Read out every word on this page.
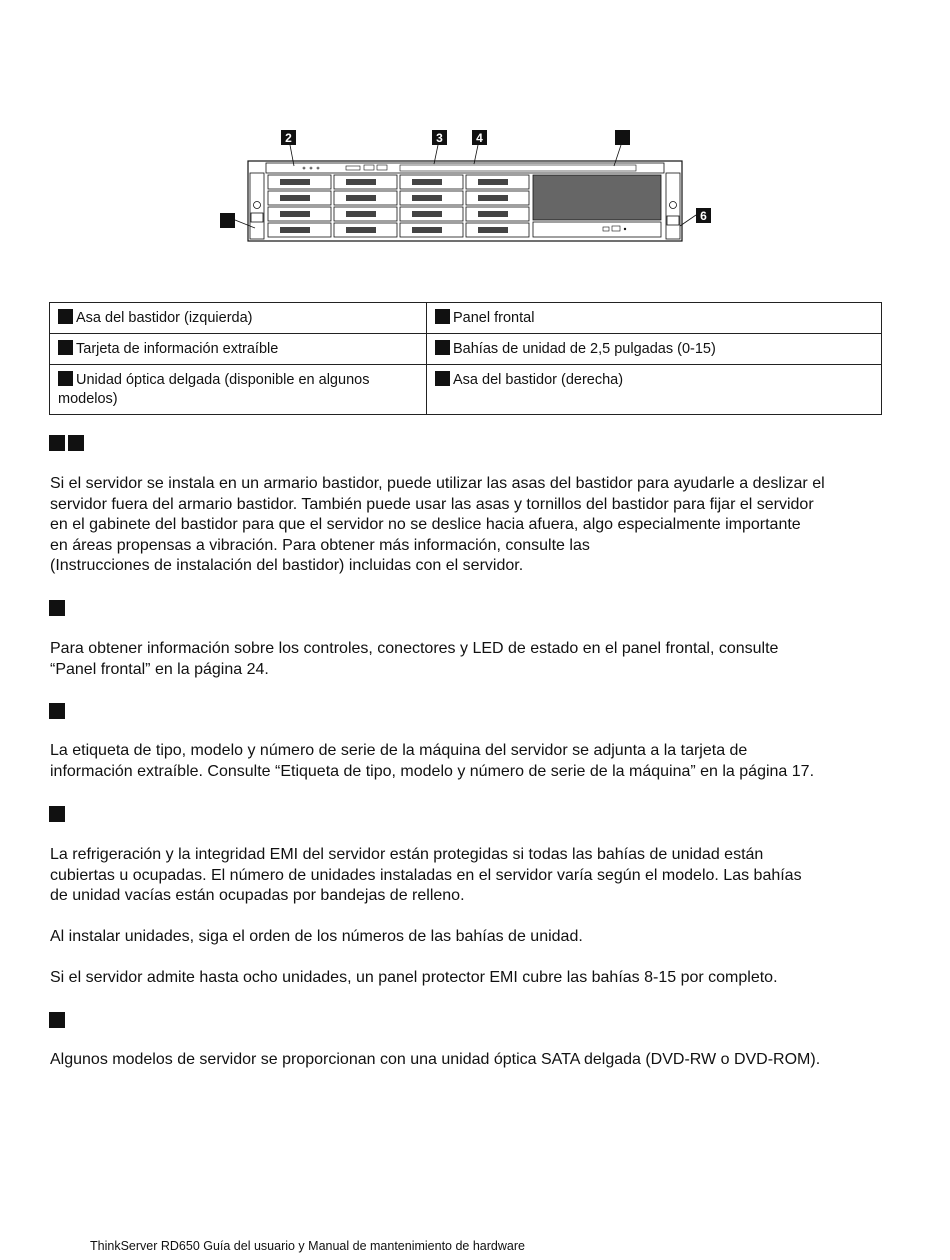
2	3	4
6
Asa del bastidor (izquierda)	Panel frontal
Tarjeta de información extraíble	Bahías de unidad de 2,5 pulgadas (0-15)
Unidad óptica delgada (disponible en algunos
modelos)	Asa del bastidor (derecha)
Si el servidor se instala en un armario bastidor, puede utilizar las asas del bastidor para ayudarle a deslizar el
servidor fuera del armario bastidor. También puede usar las asas y tornillos del bastidor para fijar el servidor
en el gabinete del bastidor para que el servidor no se deslice hacia afuera, algo especialmente importante
en áreas propensas a vibración. Para obtener más información, consulte las
(Instrucciones de instalación del bastidor) incluidas con el servidor.
Para obtener información sobre los controles, conectores y LED de estado en el panel frontal, consulte
“Panel frontal” en la página 24.
La etiqueta de tipo, modelo y número de serie de la máquina del servidor se adjunta a la tarjeta de
información extraíble. Consulte “Etiqueta de tipo, modelo y número de serie de la máquina” en la página 17.
La refrigeración y la integridad EMI del servidor están protegidas si todas las bahías de unidad están
cubiertas u ocupadas. El número de unidades instaladas en el servidor varía según el modelo. Las bahías
de unidad vacías están ocupadas por bandejas de relleno.
Al instalar unidades, siga el orden de los números de las bahías de unidad.
Si el servidor admite hasta ocho unidades, un panel protector EMI cubre las bahías 8-15 por completo.
Algunos modelos de servidor se proporcionan con una unidad óptica SATA delgada (DVD-RW o DVD-ROM).
ThinkServer RD650 Guía del usuario y Manual de mantenimiento de hardware
